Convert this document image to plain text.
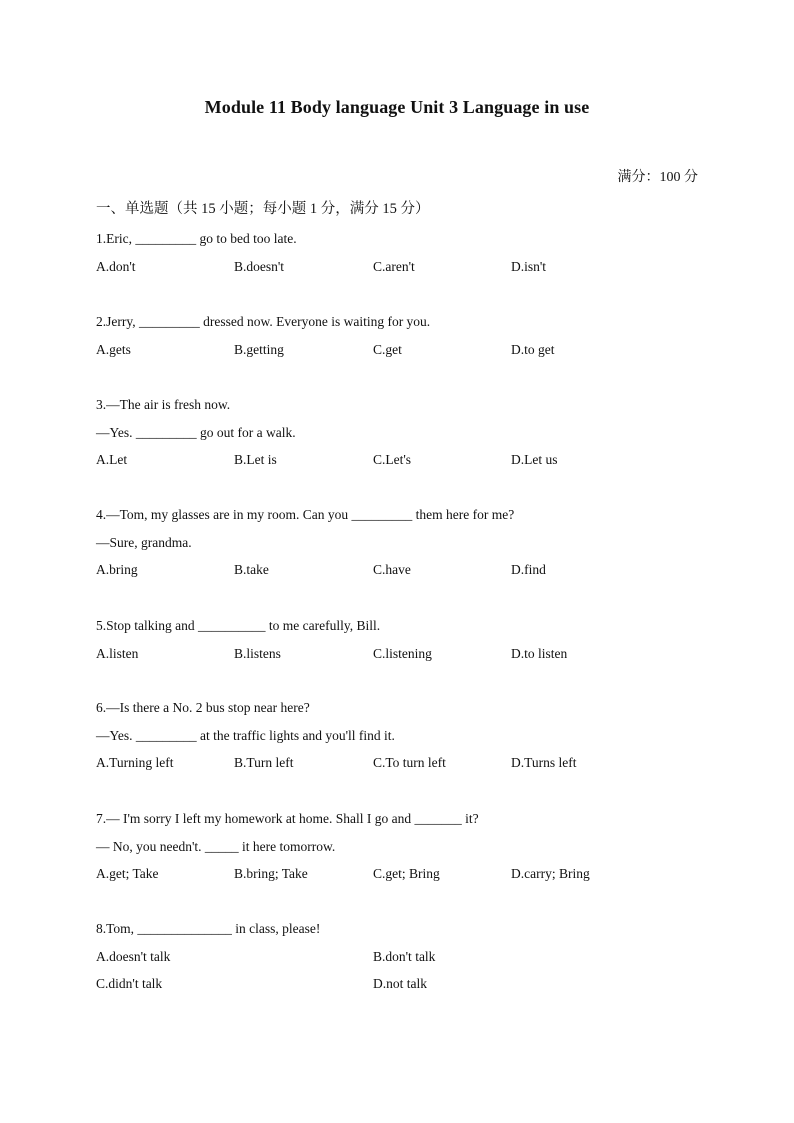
Module 11 Body language Unit 3 Language in use
满分：100 分
一、单选题（共 15 小题；每小题 1 分，满分 15 分）
1.Eric, _________ go to bed too late.
A.don't	B.doesn't	C.aren't	D.isn't
2.Jerry, _________ dressed now. Everyone is waiting for you.
A.gets	B.getting	C.get	D.to get
3.—The air is fresh now.
—Yes. _________ go out for a walk.
A.Let	B.Let is	C.Let's	D.Let us
4.—Tom, my glasses are in my room. Can you _________ them here for me?
—Sure, grandma.
A.bring	B.take	C.have	D.find
5.Stop talking and __________ to me carefully, Bill.
A.listen	B.listens	C.listening	D.to listen
6.—Is there a No. 2 bus stop near here?
—Yes. _________ at the traffic lights and you'll find it.
A.Turning left	B.Turn left	C.To turn left	D.Turns left
7.— I'm sorry I left my homework at home. Shall I go and _______ it?
— No, you needn't. _____ it here tomorrow.
A.get; Take	B.bring; Take	C.get; Bring	D.carry; Bring
8.Tom, ______________ in class, please!
A.doesn't talk	B.don't talk
C.didn't talk	D.not talk
